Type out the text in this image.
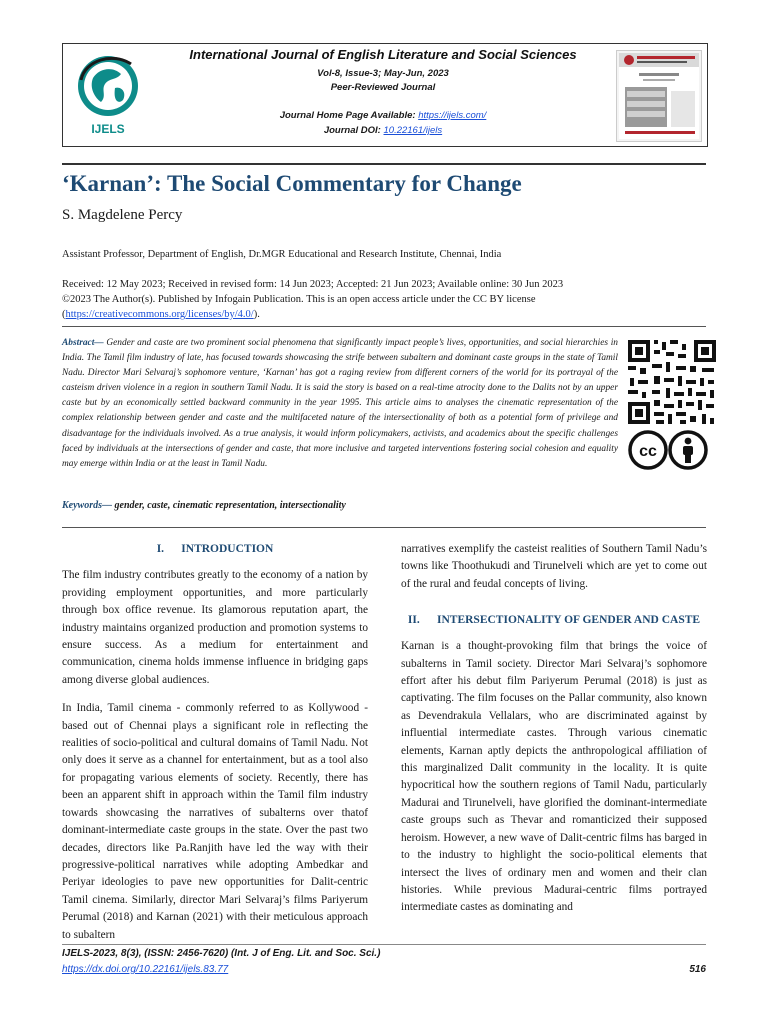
IJELS
International Journal of English Literature and Social Sciences
Vol-8, Issue-3; May-Jun, 2023
Peer-Reviewed Journal
Journal Home Page Available: https://ijels.com/
Journal DOI: 10.22161/ijels
‘Karnan’: The Social Commentary for Change
S. Magdelene Percy
Assistant Professor, Department of English, Dr.MGR Educational and Research Institute, Chennai, India
Received: 12 May 2023; Received in revised form: 14 Jun 2023; Accepted: 21 Jun 2023; Available online: 30 Jun 2023
©2023 The Author(s). Published by Infogain Publication. This is an open access article under the CC BY license
(https://creativecommons.org/licenses/by/4.0/).
Abstract— Gender and caste are two prominent social phenomena that significantly impact people’s lives, opportunities, and social hierarchies in India. The Tamil film industry of late, has focused towards showcasing the strife between subaltern and dominant caste groups in the state of Tamil Nadu. Director Mari Selvaraj’s sophomore venture, ‘Karnan’ has got a raging review from different corners of the world for its portrayal of the casteism driven violence in a region in southern Tamil Nadu. It is said the story is based on a real-time atrocity done to the Dalits not by an upper caste but by an economically settled backward community in the year 1995. This article aims to analyses the cinematic representation of the complex relationship between gender and caste and the multifaceted nature of the intersectionality of both as a potential form of privilege and disadvantage for the individuals involved. As a true analysis, it would inform policymakers, activists, and academics about the specific challenges faced by individuals at the intersections of gender and caste, that more inclusive and targeted interventions fostering social cohesion and equality may emerge within India or at the least in Tamil Nadu.
cc
Keywords— gender, caste, cinematic representation, intersectionality
I.      INTRODUCTION

The film industry contributes greatly to the economy of a nation by providing employment opportunities, and more particularly through box office revenue. Its glamorous reputation apart, the industry maintains organized production and promotion systems to ensure success. As a medium for entertainment and communication, cinema holds immense influence in bridging gaps among diverse global audiences.

In India, Tamil cinema - commonly referred to as Kollywood - based out of Chennai plays a significant role in reflecting the realities of socio-political and cultural domains of Tamil Nadu. Not only does it serve as a channel for entertainment, but as a tool also for propagating various elements of society. Recently, there has been an apparent shift in approach within the Tamil film industry towards showcasing the narratives of subalterns over thatof dominant-intermediate caste groups in the state. Over the past two decades, directors like Pa.Ranjith have led the way with their progressive-political narratives while adopting Ambedkar and Periyar ideologies to pave new opportunities for Dalit-centric Tamil cinema. Similarly, director Mari Selvaraj’s films Pariyerum Perumal (2018) and Karnan (2021) with their meticulous approach to subaltern

narratives exemplify the casteist realities of Southern Tamil Nadu’s towns like Thoothukudi and Tirunelveli which are yet to come out of the rural and feudal concepts of living.

II.      INTERSECTIONALITY OF GENDER AND CASTE

Karnan is a thought-provoking film that brings the voice of subalterns in Tamil society. Director Mari Selvaraj’s sophomore effort after his debut film Pariyerum Perumal (2018) is just as captivating. The film focuses on the Pallar community, also known as Devendrakula Vellalars, who are discriminated against by influential intermediate castes. Through various cinematic elements, Karnan aptly depicts the anthropological affiliation of this marginalized Dalit community in the locality. It is quite hypocritical how the southern regions of Tamil Nadu, particularly Madurai and Tirunelveli, have glorified the dominant-intermediate caste groups such as Thevar and romanticized their supposed heroism. However, a new wave of Dalit-centric films has barged in to the industry to highlight the socio-political elements that intersect the lives of ordinary men and women and their clan histories. While previous Madurai-centric films portrayed intermediate castes as dominating and

IJELS-2023, 8(3), (ISSN: 2456-7620) (Int. J of Eng. Lit. and Soc. Sci.)
https://dx.doi.org/10.22161/ijels.83.77	516
